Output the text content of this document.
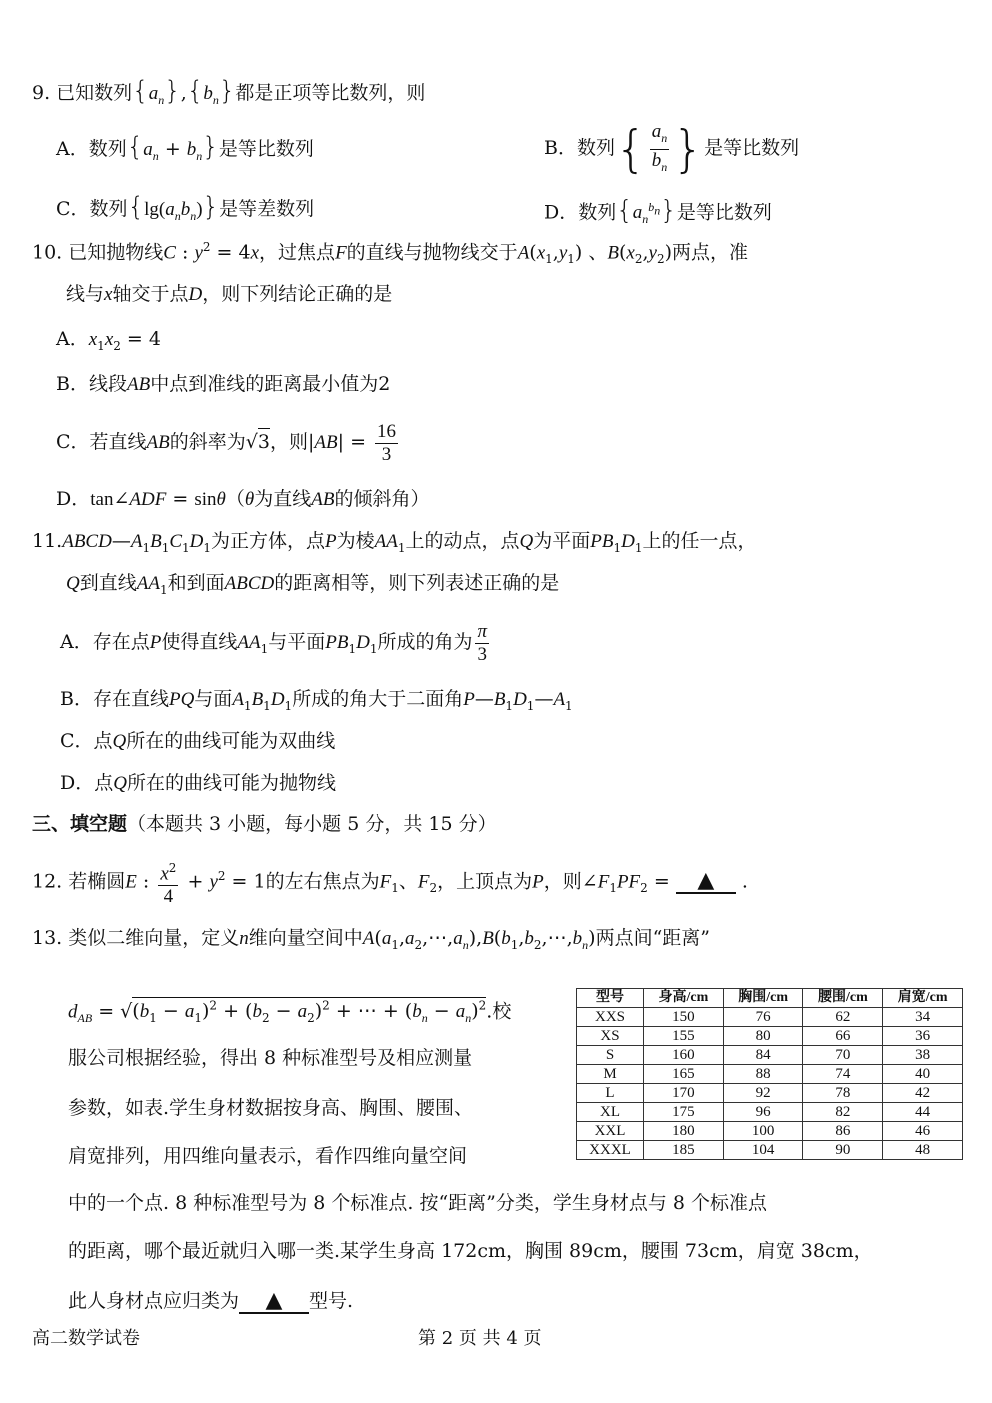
9. 已知数列$\{a_n\},\{b_n\}$都是正项等比数列，则
A．数列$\{a_n + b_n\}$是等比数列	B．数列{ $\frac{a_n}{b_n}$ }是等比数列
C．数列$\{\lg(a_nb_n)\}$是等差数列	D．数列$\{a_n^{b_n}\}$是等比数列
10. 已知抛物线C : $y^2 = 4x$，过焦点F的直线与抛物线交于$A(x_1,y_1)$ 、$B(x_2,y_2)$两点，准
线与x轴交于点D，则下列结论正确的是
A．$x_1x_2 = 4$
B．线段AB中点到准线的距离最小值为2
C．若直线AB的斜率为√3，则$|AB| = \frac{16}{3}$
D．tan∠ADF = sinθ（θ为直线AB的倾斜角）
$11.ABCD—A_1B_1C_1D_1$为正方体，点P为棱$AA_1$上的动点，点Q为平面$PB_1D_1$上的任一点，
Q到直线$AA_1$和到面ABCD的距离相等，则下列表述正确的是
A．存在点P使得直线$AA_1$与平面$PB_1D_1$所成的角为 $\frac{\pi}{3}$
B．存在直线PQ与面$A_1B_1D_1$所成的角大于二面角$P—B_1D_1—A_1$
C．点Q所在的曲线可能为双曲线
D．点Q所在的曲线可能为抛物线
三、填空题（本题共 3 小题，每小题 5 分，共 15 分）
12. 若椭圆E : $\frac{x^2}{4} + y^2 = 1$的左右焦点为$F_1$、$F_2$，上顶点为P，则$\angle F_1PF_2$ = ▲ .
13. 类似二维向量，定义n维向量空间中$A(a_1,a_2,\cdots,a_n),B(b_1,b_2,\cdots,b_n)$两点间“距离”
$d_{AB} = √(b_1 - a_1)^2 + (b_2 - a_2)^2$ + ⋯ + $(b_n - a_n)^2$.校
服公司根据经验，得出 8 种标准型号及相应测量
参数，如表.学生身材数据按身高、胸围、腰围、
肩宽排列，用四维向量表示，看作四维向量空间
中的一个点. 8 种标准型号为 8 个标准点. 按“距离”分类，学生身材点与 8 个标准点
的距离，哪个最近就归入哪一类.某学生身高 172cm，胸围 89cm，腰围 73cm，肩宽 38cm，
此人身材点应归类为 ▲ 型号.
型号	身高/cm	胸围/cm	腰围/cm	肩宽/cm
XXS	150	76	62	34
XS	155	80	66	36
S	160	84	70	38
M	165	88	74	40
L	170	92	78	42
XL	175	96	82	44
XXL	180	100	86	46
XXXL	185	104	90	48
高二数学试卷	第 2 页 共 4 页
